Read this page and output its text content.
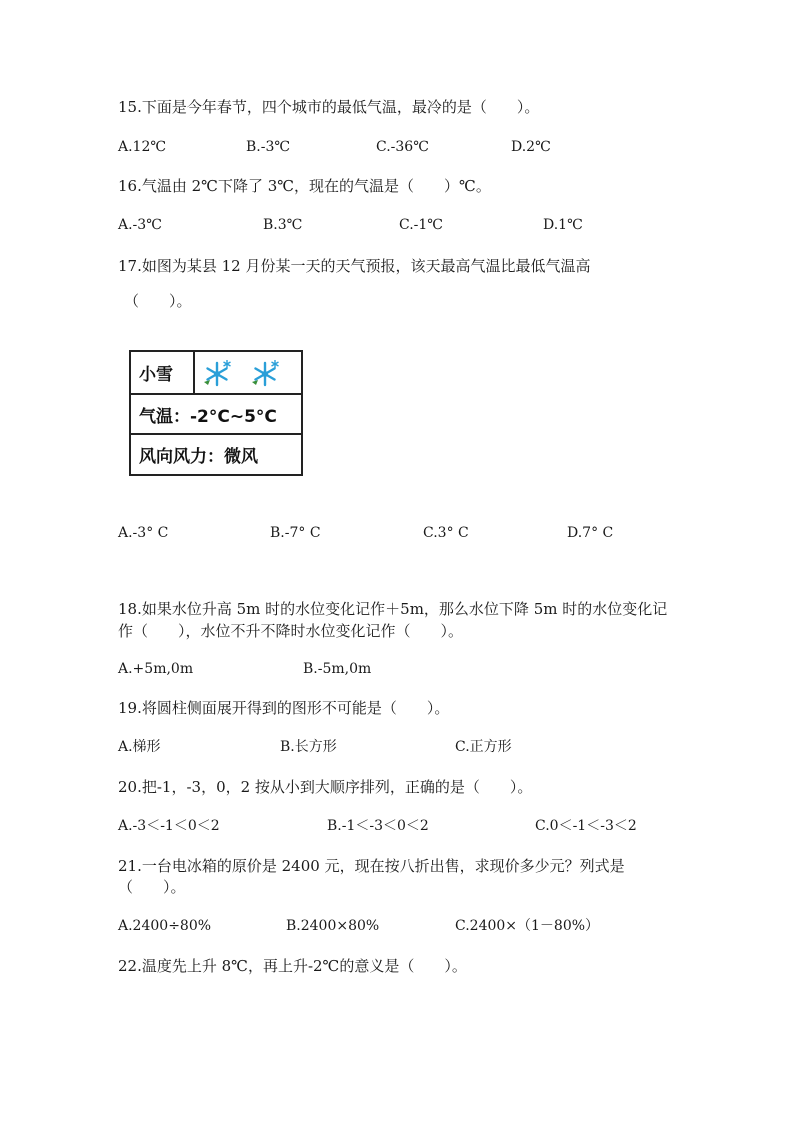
15.下面是今年春节，四个城市的最低气温，最冷的是（　　）。
A.12℃	B.-3℃	C.-36℃	D.2℃
16.气温由 2℃下降了 3℃，现在的气温是（　　）℃。
A.-3℃	B.3℃	C.-1℃	D.1℃
17.如图为某县 12 月份某一天的天气预报，该天最高气温比最低气温高
（　　）。
小雪
气温：-2°C~5°C
风向风力：微风
A.-3° C	B.-7° C	C.3° C	D.7° C
18.如果水位升高 5m 时的水位变化记作＋5m，那么水位下降 5m 时的水位变化记
作（　　），水位不升不降时水位变化记作（　　）。
A.+5m,0m	B.-5m,0m
19.将圆柱侧面展开得到的图形不可能是（　　）。
A.梯形	B.长方形	C.正方形
20.把-1，-3，0，2 按从小到大顺序排列，正确的是（　　）。
A.-3＜-1＜0＜2	B.-1＜-3＜0＜2	C.0＜-1＜-3＜2
21.一台电冰箱的原价是 2400 元，现在按八折出售，求现价多少元？列式是
（　　）。
A.2400÷80%	B.2400×80%	C.2400×（1－80%）
22.温度先上升 8℃，再上升-2℃的意义是（　　）。
